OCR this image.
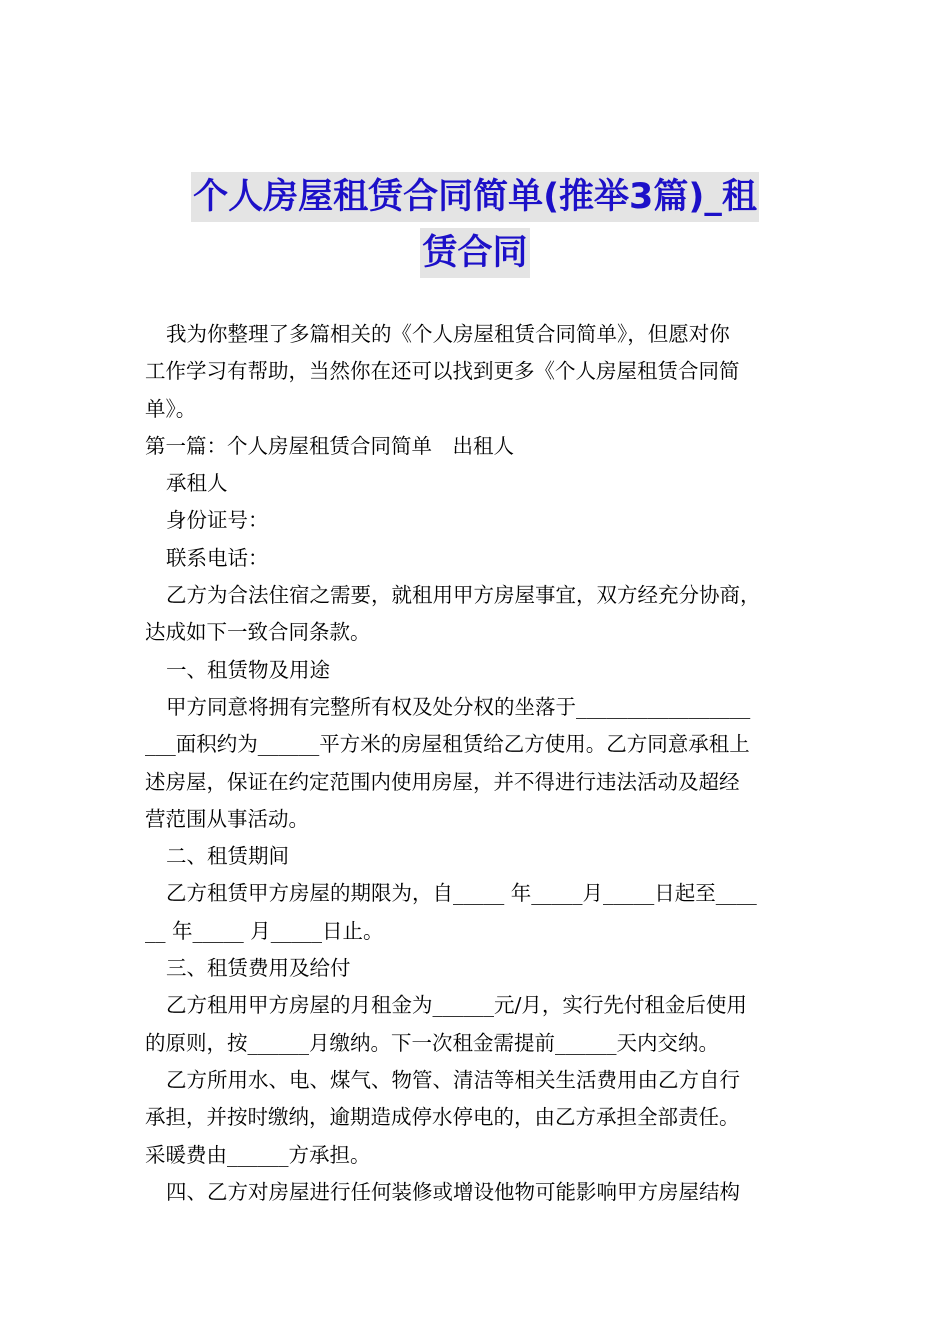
个人房屋租赁合同简单(推举3篇)_租
赁合同
我为你整理了多篇相关的《个人房屋租赁合同简单》，但愿对你
工作学习有帮助，当然你在还可以找到更多《个人房屋租赁合同简
单》。
第一篇：个人房屋租赁合同简单　出租人
承租人
身份证号：
联系电话：
乙方为合法住宿之需要，就租用甲方房屋事宜，双方经充分协商，
达成如下一致合同条款。
一、租赁物及用途
甲方同意将拥有完整所有权及处分权的坐落于_________________
___面积约为______平方米的房屋租赁给乙方使用。乙方同意承租上
述房屋，保证在约定范围内使用房屋，并不得进行违法活动及超经
营范围从事活动。
二、租赁期间
乙方租赁甲方房屋的期限为，自_____ 年_____月_____日起至____
__ 年_____ 月_____日止。
三、租赁费用及给付
乙方租用甲方房屋的月租金为______元/月，实行先付租金后使用
的原则，按______月缴纳。下一次租金需提前______天内交纳。
乙方所用水、电、煤气、物管、清洁等相关生活费用由乙方自行
承担，并按时缴纳，逾期造成停水停电的，由乙方承担全部责任。
采暖费由______方承担。
四、乙方对房屋进行任何装修或增设他物可能影响甲方房屋结构
